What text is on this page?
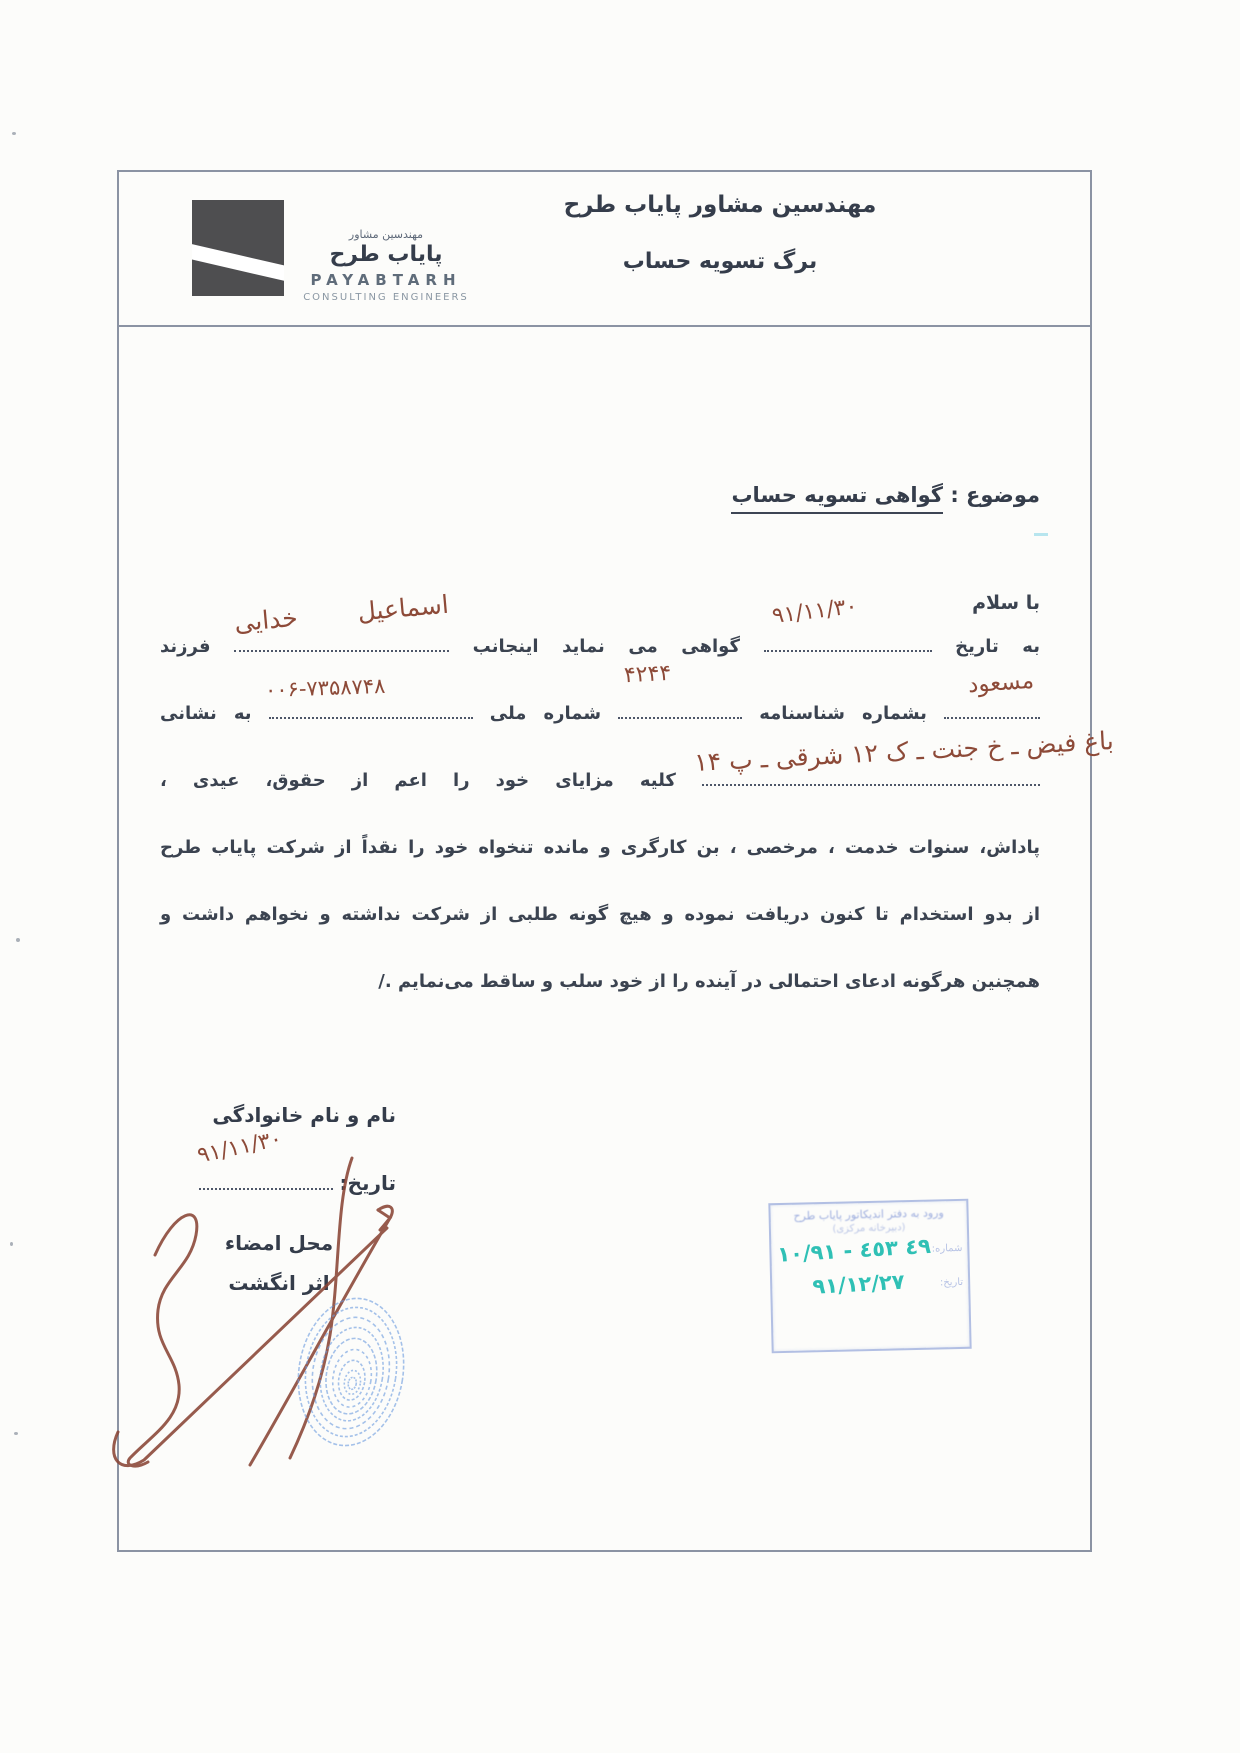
مهندسین مشاور
پایاب طرح
PAYABTARH
CONSULTING ENGINEERS
مهندسین مشاور پایاب طرح
برگ تسویه حساب
موضوع : گواهی تسویه حساب
با سلام
به تاریخ
۹۱/۱۱/۳۰
گواهی می نماید اینجانب
اسماعیل خدایی
فرزند
مسعود
بشماره شناسنامه
۴۲۴۴
شماره ملی
۰۰۶-۷۳۵۸۷۴۸
به نشانی
باغ فیض ـ خ جنت ـ ک ۱۲ شرقی ـ پ ۱۴
کلیه مزایای خود را اعم از حقوق، عیدی ،
پاداش، سنوات خدمت ، مرخصی ، بن کارگری و مانده تنخواه خود را نقداً از شرکت پایاب طرح
از بدو استخدام تا کنون دریافت نموده و هیچ گونه طلبی از شرکت نداشته و نخواهم داشت و
همچنین هرگونه ادعای احتمالی در آینده را از خود سلب و ساقط می‌نمایم ./
نام و نام خانوادگی
تاریخ:
۹۱/۱۱/۳۰
محل امضاء
اثر انگشت
ورود به دفتر اندیکاتور پایاب طرح
(دبیرخانه مرکزی)
شماره:
۱۰/۹۱ - ٤٩ ٤٥٣
تاریخ:
۹۱/۱۲/۲۷
